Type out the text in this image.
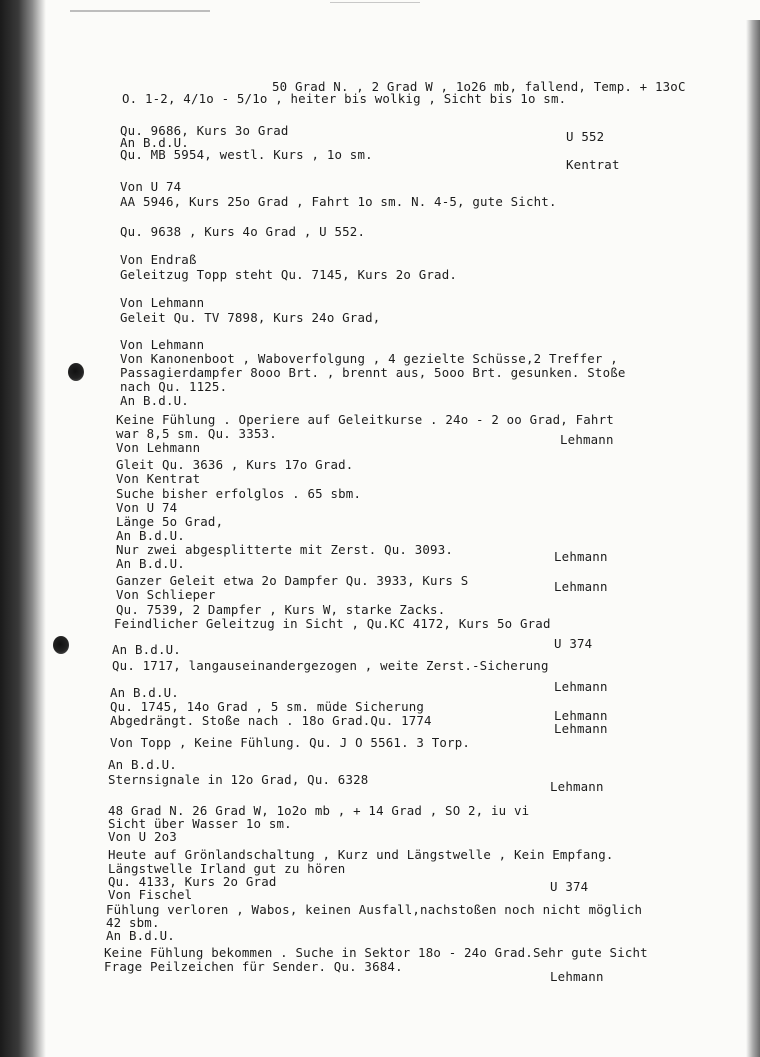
50 Grad N. , 2 Grad W , 1o26 mb, fallend, Temp. + 13oC

O. 1-2, 4/1o - 5/1o , heiter bis wolkig , Sicht bis 1o sm.

Qu. 9686, Kurs 3o Grad	U 552

An B.d.U.

Qu. MB 5954, westl. Kurs , 1o sm.

Kentrat

Von U 74

AA 5946, Kurs 25o Grad , Fahrt 1o sm. N. 4-5, gute Sicht.

Qu. 9638 , Kurs 4o Grad , U 552.

Von Endraß

Geleitzug Topp steht Qu. 7145, Kurs 2o Grad.

Von Lehmann

Geleit Qu. TV 7898, Kurs 24o Grad,

Von Lehmann

Von Kanonenboot , Waboverfolgung , 4 gezielte Schüsse,2 Treffer ,

Passagierdampfer 8ooo Brt. , brennt aus, 5ooo Brt. gesunken. Stoße

nach Qu. 1125.

An B.d.U.

Keine Fühlung . Operiere auf Geleitkurse . 24o - 2 oo Grad, Fahrt

war 8,5 sm. Qu. 3353.	Lehmann

Von Lehmann

Gleit Qu. 3636 , Kurs 17o Grad.

Von Kentrat

Suche bisher erfolglos . 65 sbm.

Von U 74

Länge 5o Grad,

An B.d.U.

Nur zwei abgesplitterte mit Zerst. Qu. 3093.	Lehmann

An B.d.U.

Ganzer Geleit etwa 2o Dampfer Qu. 3933, Kurs S	Lehmann

Von Schlieper

Qu. 7539, 2 Dampfer , Kurs W, starke Zacks.

Feindlicher Geleitzug in Sicht , Qu.KC 4172, Kurs 5o Grad

U 374

An B.d.U.

Qu. 1717, langauseinandergezogen , weite Zerst.-Sicherung

Lehmann

An B.d.U.

Qu. 1745, 14o Grad , 5 sm. müde Sicherung

Lehmann

Abgedrängt. Stoße nach . 18o Grad.Qu. 1774

Lehmann

Von Topp , Keine Fühlung. Qu. J O 5561. 3 Torp.

An B.d.U.

Sternsignale in 12o Grad, Qu. 6328	Lehmann

48 Grad N. 26 Grad W, 1o2o mb , + 14 Grad , SO 2, iu vi

Sicht über Wasser 1o sm.

Von U 2o3

Heute auf Grönlandschaltung , Kurz und Längstwelle , Kein Empfang.

Längstwelle Irland gut zu hören

Qu. 4133, Kurs 2o Grad	U 374

Von Fischel

Fühlung verloren , Wabos, keinen Ausfall,nachstoßen noch nicht möglich

42 sbm.

An B.d.U.

Keine Fühlung bekommen . Suche in Sektor 18o - 24o Grad.Sehr gute Sicht

Frage Peilzeichen für Sender. Qu. 3684.

Lehmann
